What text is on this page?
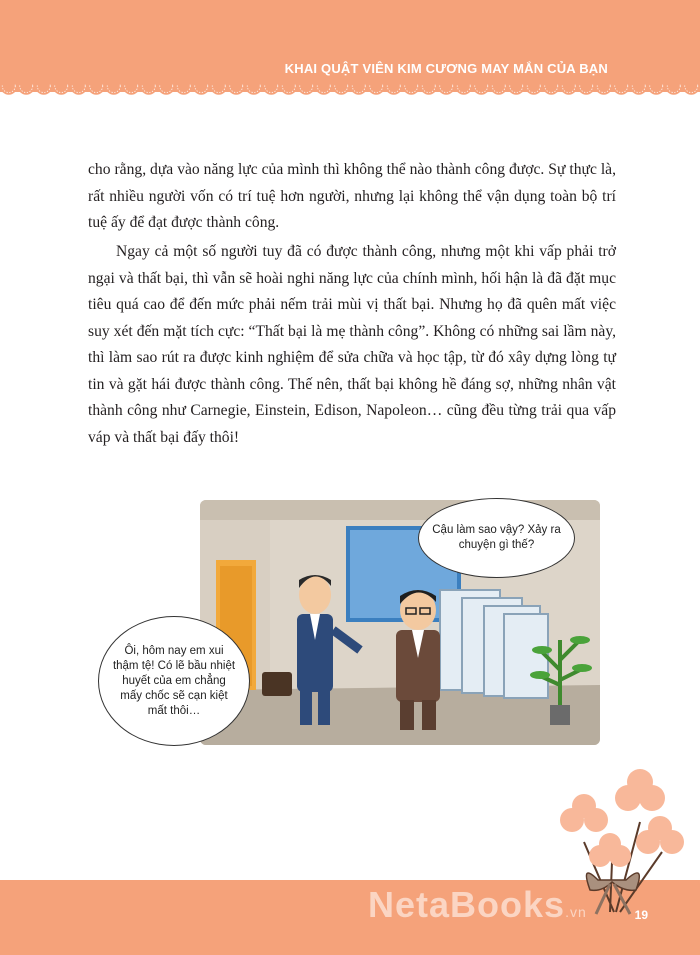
KHAI QUẬT VIÊN KIM CƯƠNG MAY MẮN CỦA BẠN
cho rằng, dựa vào năng lực của mình thì không thể nào thành công được. Sự thực là, rất nhiều người vốn có trí tuệ hơn người, nhưng lại không thể vận dụng toàn bộ trí tuệ ấy để đạt được thành công.
Ngay cả một số người tuy đã có được thành công, nhưng một khi vấp phải trở ngại và thất bại, thì vẫn sẽ hoài nghi năng lực của chính mình, hối hận là đã đặt mục tiêu quá cao để đến mức phải nếm trải mùi vị thất bại. Nhưng họ đã quên mất việc suy xét đến mặt tích cực: “Thất bại là mẹ thành công”. Không có những sai lầm này, thì làm sao rút ra được kinh nghiệm để sửa chữa và học tập, từ đó xây dựng lòng tự tin và gặt hái được thành công. Thế nên, thất bại không hề đáng sợ, những nhân vật thành công như Carnegie, Einstein, Edison, Napoleon… cũng đều từng trải qua vấp váp và thất bại đấy thôi!
Cậu làm sao vậy? Xảy ra chuyện gì thế?
Ôi, hôm nay em xui thậm tệ! Có lẽ bầu nhiệt huyết của em chẳng mấy chốc sẽ cạn kiệt mất thôi…
NetaBooks.vn	19
